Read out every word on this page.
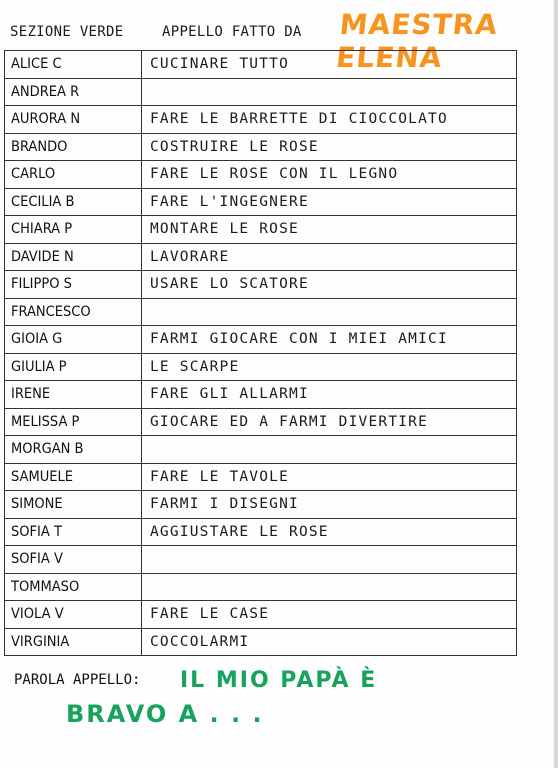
SEZIONE VERDE	APPELLO FATTO DA MAESTRA ELENA
ALICE C	CUCINARE TUTTO
ANDREA R	
AURORA N	FARE LE BARRETTE DI CIOCCOLATO
BRANDO	COSTRUIRE LE ROSE
CARLO	FARE LE ROSE CON IL LEGNO
CECILIA B	FARE L'INGEGNERE
CHIARA P	MONTARE LE ROSE
DAVIDE N	LAVORARE
FILIPPO S	USARE LO SCATORE
FRANCESCO	
GIOIA G	FARMI GIOCARE CON I MIEI AMICI
GIULIA P	LE SCARPE
IRENE	FARE GLI ALLARMI
MELISSA P	GIOCARE ED A FARMI DIVERTIRE
MORGAN B	
SAMUELE	FARE LE TAVOLE
SIMONE	FARMI I DISEGNI
SOFIA T	AGGIUSTARE LE ROSE
SOFIA V	
TOMMASO	
VIOLA V	FARE LE CASE
VIRGINIA	COCCOLARMI
PAROLA APPELLO: IL MIO PAPÀ È
BRAVO A . . .
